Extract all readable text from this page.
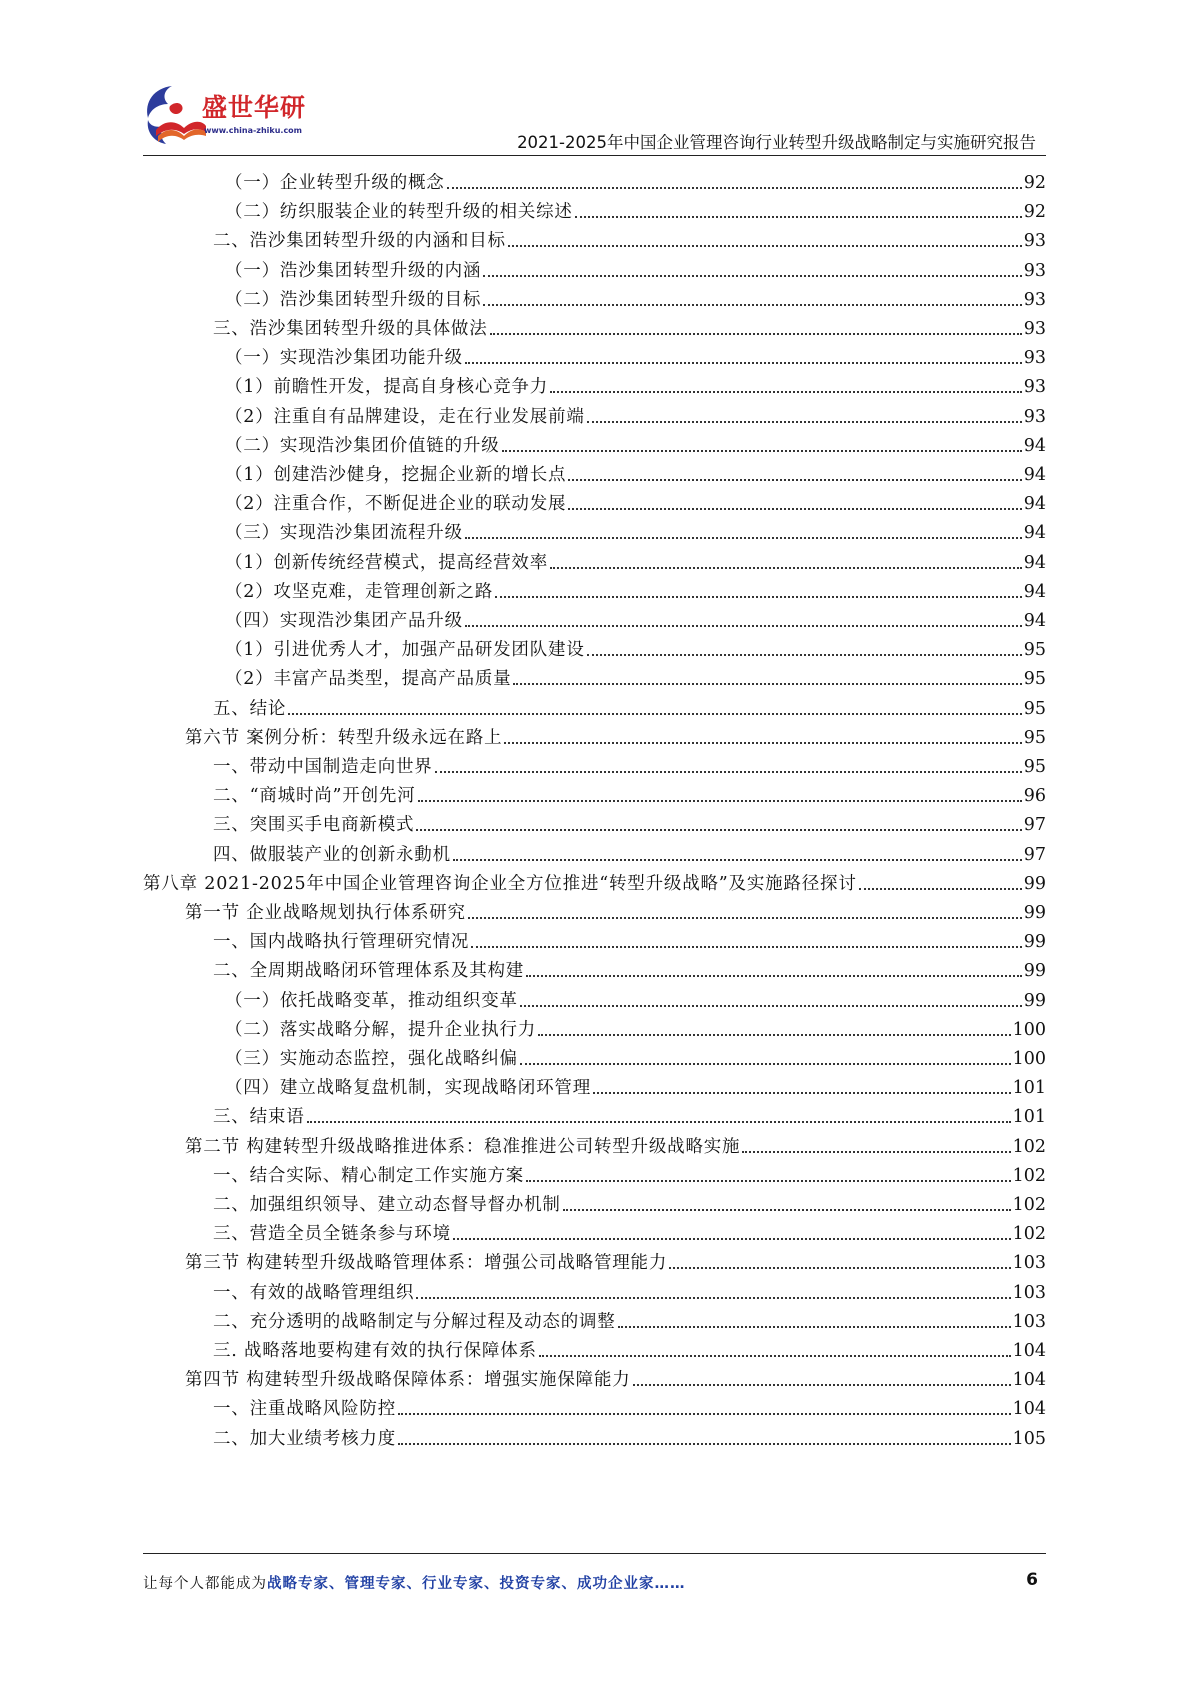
盛世华研
www.china-zhiku.com
2021-2025年中国企业管理咨询行业转型升级战略制定与实施研究报告
（一）企业转型升级的概念	92
（二）纺织服装企业的转型升级的相关综述	92
二、浩沙集团转型升级的内涵和目标	93
（一）浩沙集团转型升级的内涵	93
（二）浩沙集团转型升级的目标	93
三、浩沙集团转型升级的具体做法	93
（一）实现浩沙集团功能升级	93
（1）前瞻性开发，提高自身核心竞争力	93
（2）注重自有品牌建设，走在行业发展前端	93
（二）实现浩沙集团价值链的升级	94
（1）创建浩沙健身，挖掘企业新的增长点	94
（2）注重合作，不断促进企业的联动发展	94
（三）实现浩沙集团流程升级	94
（1）创新传统经营模式，提高经营效率	94
（2）攻坚克难，走管理创新之路	94
（四）实现浩沙集团产品升级	94
（1）引进优秀人才，加强产品研发团队建设	95
（2）丰富产品类型，提高产品质量	95
五、结论	95
第六节 案例分析：转型升级永远在路上	95
一、带动中国制造走向世界	95
二、“商城时尚”开创先河	96
三、突围买手电商新模式	97
四、做服装产业的创新永動机	97
第八章 2021-2025年中国企业管理咨询企业全方位推进“转型升级战略”及实施路径探讨	99
第一节 企业战略规划执行体系研究	99
一、国内战略执行管理研究情况	99
二、全周期战略闭环管理体系及其构建	99
（一）依托战略变革，推动组织变革	99
（二）落实战略分解，提升企业执行力	100
（三）实施动态监控，强化战略纠偏	100
（四）建立战略复盘机制，实现战略闭环管理	101
三、结束语	101
第二节 构建转型升级战略推进体系：稳准推进公司转型升级战略实施	102
一、结合实际、精心制定工作实施方案	102
二、加强组织领导、建立动态督导督办机制	102
三、营造全员全链条参与环境	102
第三节 构建转型升级战略管理体系：增强公司战略管理能力	103
一、有效的战略管理组织	103
二、充分透明的战略制定与分解过程及动态的调整	103
三. 战略落地要构建有效的执行保障体系	104
第四节 构建转型升级战略保障体系：增强实施保障能力	104
一、注重战略风险防控	104
二、加大业绩考核力度	105
让每个人都能成为战略专家、管理专家、行业专家、投资专家、成功企业家……	6
